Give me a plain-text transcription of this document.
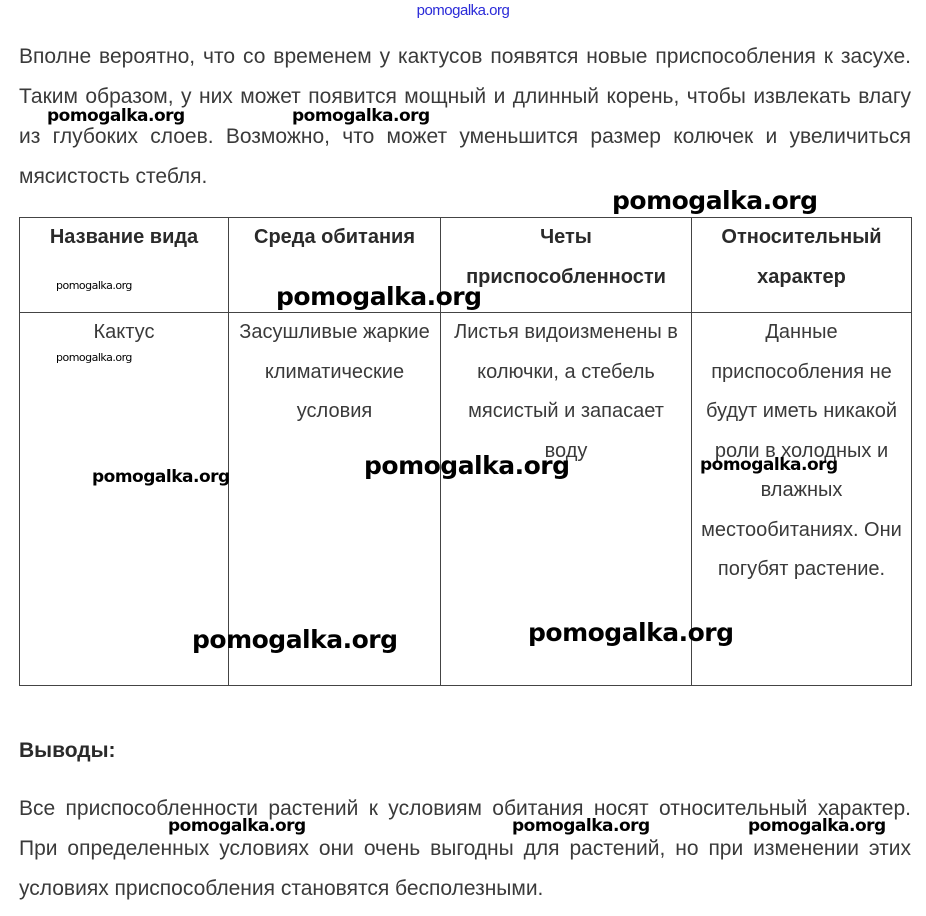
pomogalka.org

Вполне вероятно, что со временем у кактусов появятся новые приспособления к засухе. Таким образом, у них может появится мощный и длинный корень, чтобы извлекать влагу из глубоких слоев. Возможно, что может уменьшится размер колючек и увеличиться мясистость стебля.

Название вида	Среда обитания	Четы приспособленности	Относительный характер
Кактус	Засушливые жаркие климатические условия	Листья видоизменены в колючки, а стебель мясистый и запасает воду	Данные приспособления не будут иметь никакой роли в холодных и влажных местообитаниях. Они погубят растение.
Выводы:

Все приспособленности растений к условиям обитания носят относительный характер. При определенных условиях они очень выгодны для растений, но при изменении этих условиях приспособления становятся бесполезными.

pomogalka.org	pomogalka.org
pomogalka.org
pomogalka.org	pomogalka.org
pomogalka.org
pomogalka.org	pomogalka.org	pomogalka.org
pomogalka.org	pomogalka.org
pomogalka.org	pomogalka.org	pomogalka.org
